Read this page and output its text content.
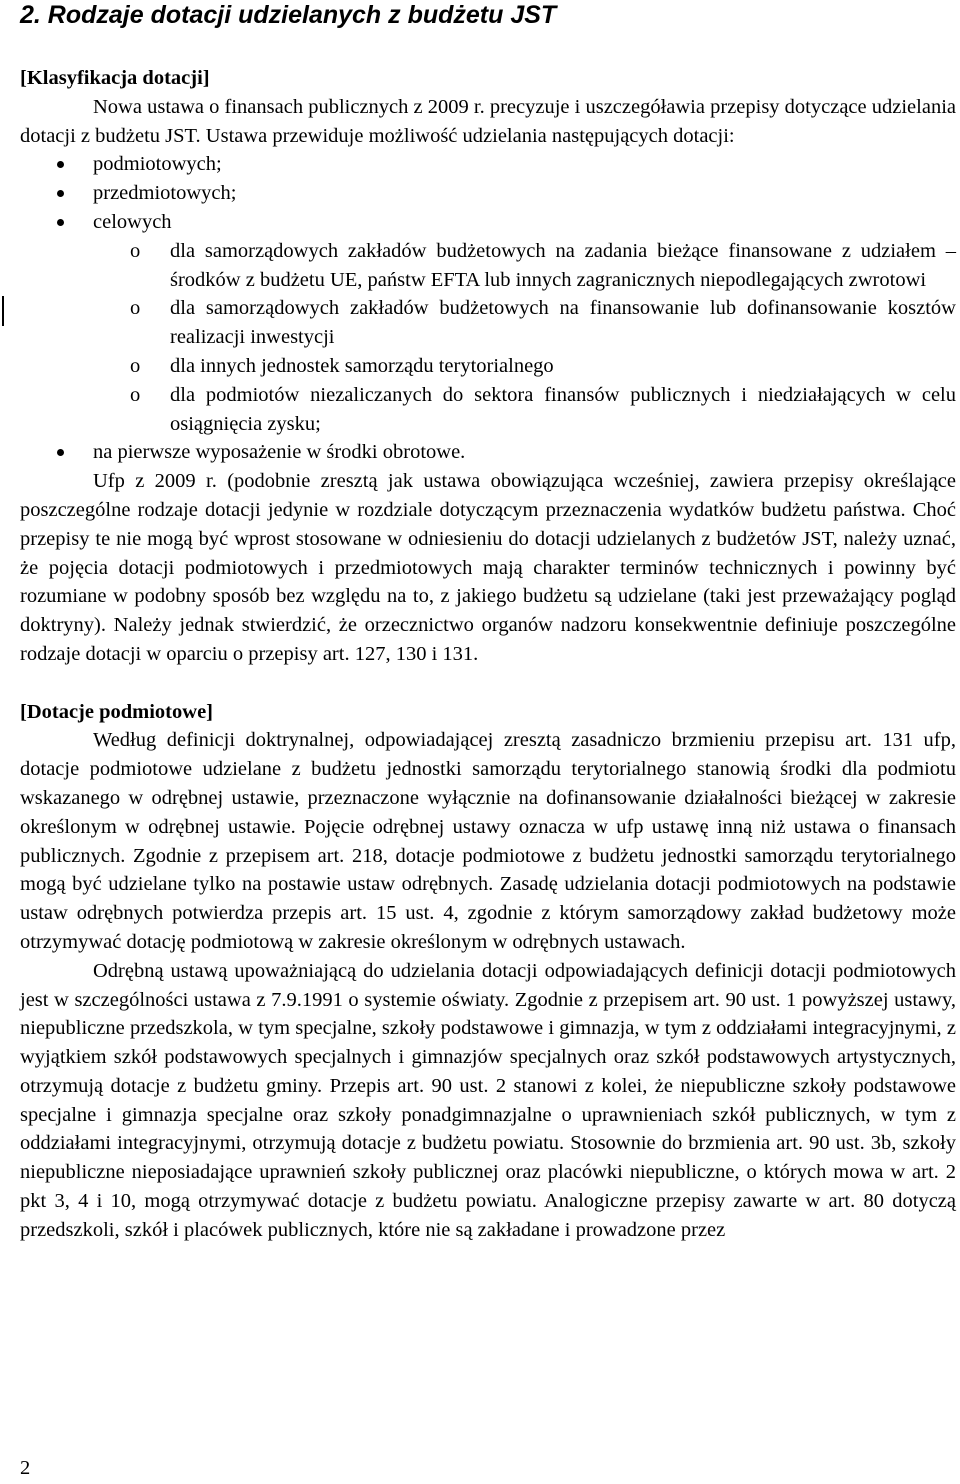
2. Rodzaje dotacji udzielanych z budżetu JST

[Klasyfikacja dotacji]

Nowa ustawa o finansach publicznych z 2009 r. precyzuje i uszczegóławia przepisy dotyczące udzielania dotacji z budżetu JST. Ustawa przewiduje możliwość udzielania następujących dotacji:

podmiotowych;
przedmiotowych;
celowych
o dla samorządowych zakładów budżetowych na zadania bieżące finansowane z udziałem –środków z budżetu UE, państw EFTA lub innych zagranicznych niepodlegających zwrotowi
o dla samorządowych zakładów budżetowych na finansowanie lub dofinansowanie kosztów realizacji inwestycji
o dla innych jednostek samorządu terytorialnego
o dla podmiotów niezaliczanych do sektora finansów publicznych i niedziałających w celu osiągnięcia zysku;
na pierwsze wyposażenie w środki obrotowe.

Ufp z 2009 r. (podobnie zresztą jak ustawa obowiązująca wcześniej, zawiera przepisy określające poszczególne rodzaje dotacji jedynie w rozdziale dotyczącym przeznaczenia wydatków budżetu państwa. Choć przepisy te nie mogą być wprost stosowane w odniesieniu do dotacji udzielanych z budżetów JST, należy uznać, że pojęcia dotacji podmiotowych i przedmiotowych mają charakter terminów technicznych i powinny być rozumiane w podobny sposób bez względu na to, z jakiego budżetu są udzielane (taki jest przeważający pogląd doktryny). Należy jednak stwierdzić, że orzecznictwo organów nadzoru konsekwentnie definiuje poszczególne rodzaje dotacji w oparciu o przepisy art. 127, 130 i 131.

[Dotacje podmiotowe]

Według definicji doktrynalnej, odpowiadającej zresztą zasadniczo brzmieniu przepisu art. 131 ufp, dotacje podmiotowe udzielane z budżetu jednostki samorządu terytorialnego stanowią środki dla podmiotu wskazanego w odrębnej ustawie, przeznaczone wyłącznie na dofinansowanie działalności bieżącej w zakresie określonym w odrębnej ustawie. Pojęcie odrębnej ustawy oznacza w ufp ustawę inną niż ustawa o finansach publicznych. Zgodnie z przepisem art. 218, dotacje podmiotowe z budżetu jednostki samorządu terytorialnego mogą być udzielane tylko na postawie ustaw odrębnych. Zasadę udzielania dotacji podmiotowych na podstawie ustaw odrębnych potwierdza przepis art. 15 ust. 4, zgodnie z którym samorządowy zakład budżetowy może otrzymywać dotację podmiotową w zakresie określonym w odrębnych ustawach.

Odrębną ustawą upoważniającą do udzielania dotacji odpowiadających definicji dotacji podmiotowych jest w szczególności ustawa z 7.9.1991 o systemie oświaty. Zgodnie z przepisem art. 90 ust. 1 powyższej ustawy, niepubliczne przedszkola, w tym specjalne, szkoły podstawowe i gimnazja, w tym z oddziałami integracyjnymi, z wyjątkiem szkół podstawowych specjalnych i gimnazjów specjalnych oraz szkół podstawowych artystycznych, otrzymują dotacje z budżetu gminy. Przepis art. 90 ust. 2 stanowi z kolei, że niepubliczne szkoły podstawowe specjalne i gimnazja specjalne oraz szkoły ponadgimnazjalne o uprawnieniach szkół publicznych, w tym z oddziałami integracyjnymi, otrzymują dotacje z budżetu powiatu. Stosownie do brzmienia art. 90 ust. 3b, szkoły niepubliczne nieposiadające uprawnień szkoły publicznej oraz placówki niepubliczne, o których mowa w art. 2 pkt 3, 4 i 10, mogą otrzymywać dotacje z budżetu powiatu. Analogiczne przepisy zawarte w art. 80 dotyczą przedszkoli, szkół i placówek publicznych, które nie są zakładane i prowadzone przez

2
